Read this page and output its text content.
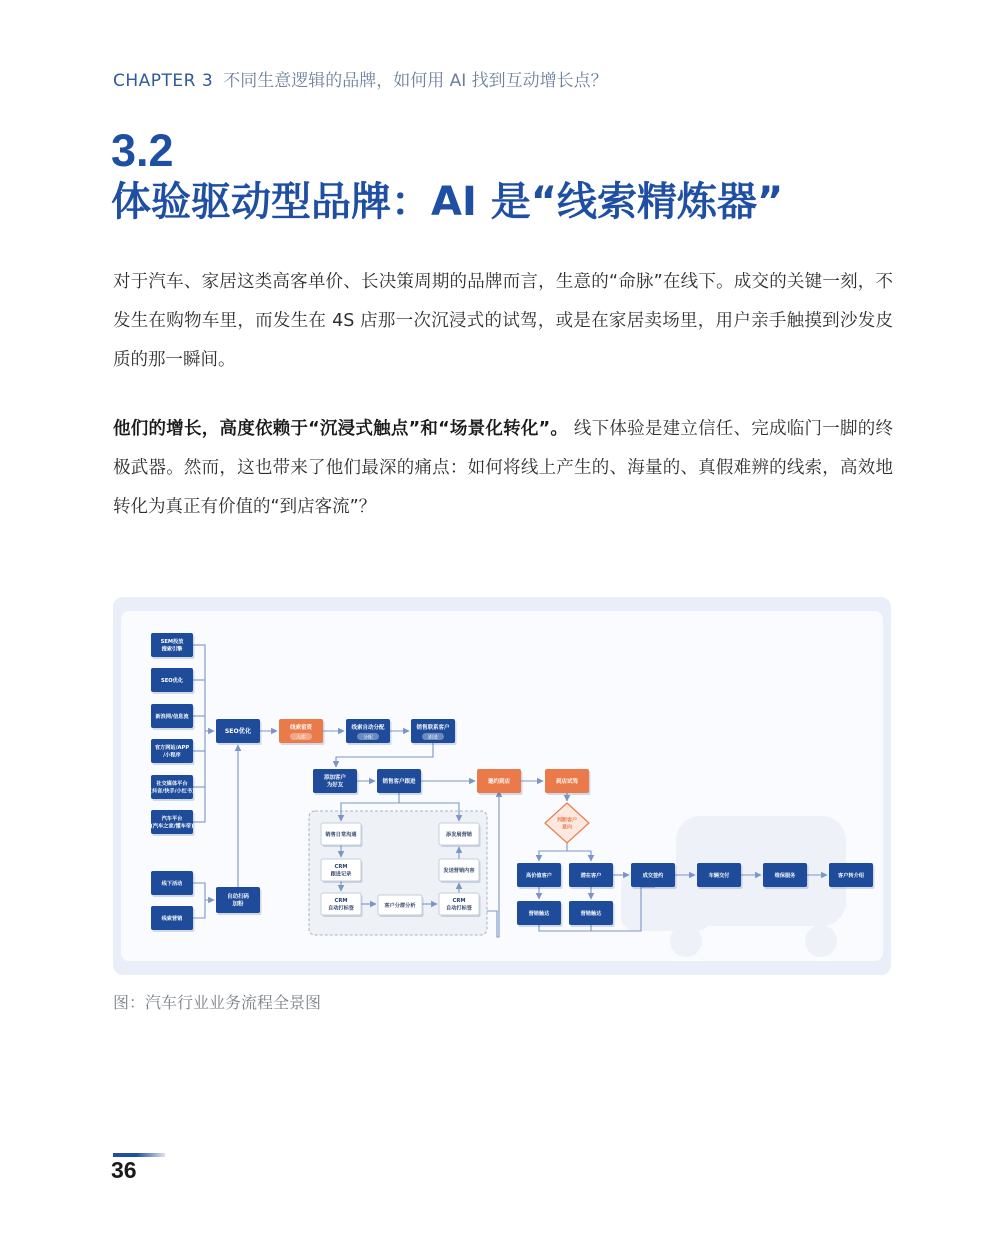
CHAPTER 3 不同生意逻辑的品牌，如何用 AI 找到互动增长点？
3.2
体验驱动型品牌：AI 是“线索精炼器”
对于汽车、家居这类高客单价、长决策周期的品牌而言，生意的“命脉”在线下。成交的关键一刻，不发生在购物车里，而发生在 4S 店那一次沉浸式的试驾，或是在家居卖场里，用户亲手触摸到沙发皮质的那一瞬间。
他们的增长，高度依赖于“沉浸式触点”和“场景化转化”。 线下体验是建立信任、完成临门一脚的终极武器。然而，这也带来了他们最深的痛点：如何将线上产生的、海量的、真假难辨的线索，高效地转化为真正有价值的“到店客流”？
SEM投放
搜索引擎
SEO优化
新浪网/信息流
官方网站/APP
/小程序
社交媒体平台
(抖音/快手/小红书)
汽车平台
(汽车之家/懂车帝)
线下活动
线索营销
SEO优化
自动扫码
加粉
线索留资
入库
线索自动分配
分配
销售联系客户
跟进
添加客户
为好友
销售客户跟进	邀约到店	到店试驾
判断客户
意向
高价值客户	潜在客户
营销触达	营销触达
成交签约	车辆交付	维保服务	客户转介绍
销售日常沟通
CRM
跟进记录
CRM
自动打标签
添发展营销
发送营销内容
CRM
自动打标签
客户分群分析
图：汽车行业业务流程全景图
36
